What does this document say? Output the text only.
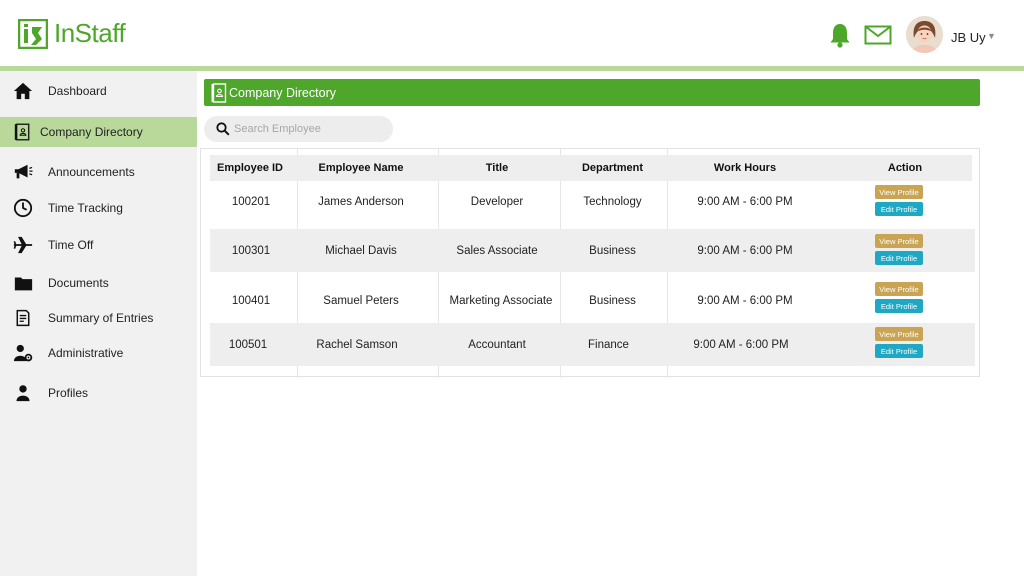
InStaff	JB Uy ▼
Dashboard
Company Directory
Announcements
Time Tracking
Time Off
Documents
Summary of Entries
Administrative
Profiles
Company Directory
Search Employee
Employee ID	Employee Name	Title	Department	Work Hours	Action
100201	James Anderson	Developer	Technology	9:00 AM - 6:00 PM
View Profile
Edit Profile
100301	Michael Davis	Sales Associate	Business	9:00 AM - 6:00 PM
View Profile
Edit Profile
100401	Samuel Peters	Marketing Associate	Business	9:00 AM - 6:00 PM
View Profile
Edit Profile
100501	Rachel Samson	Accountant	Finance	9:00 AM - 6:00 PM
View Profile
Edit Profile
